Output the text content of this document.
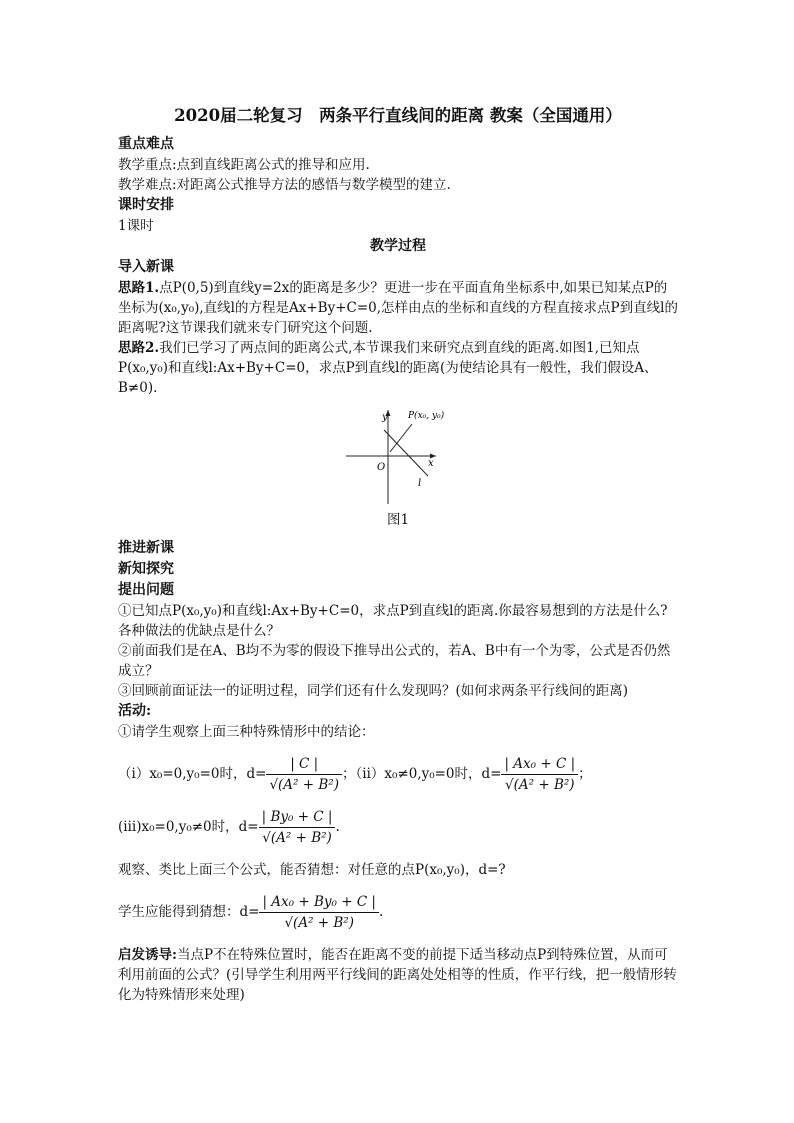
2020届二轮复习　两条平行直线间的距离 教案（全国通用）
重点难点

教学重点:点到直线距离公式的推导和应用.

教学难点:对距离公式推导方法的感悟与数学模型的建立.

课时安排

1课时

教学过程
导入新课

思路1.点P(0,5)到直线y=2x的距离是多少？更进一步在平面直角坐标系中,如果已知某点P的坐标为(x₀,y₀),直线l的方程是Ax+By+C=0,怎样由点的坐标和直线的方程直接求点P到直线l的距离呢?这节课我们就来专门研究这个问题.

思路2.我们已学习了两点间的距离公式,本节课我们来研究点到直线的距离.如图1,已知点P(x₀,y₀)和直线l:Ax+By+C=0，求点P到直线l的距离(为使结论具有一般性，我们假设A、B≠0).

y
x
O
l
P(x₀, y₀)
图1
推进新课
新知探究
提出问题

①已知点P(x₀,y₀)和直线l:Ax+By+C=0，求点P到直线l的距离.你最容易想到的方法是什么?各种做法的优缺点是什么？

②前面我们是在A、B均不为零的假设下推导出公式的，若A、B中有一个为零，公式是否仍然成立？

③回顾前面证法一的证明过程，同学们还有什么发现吗？(如何求两条平行线间的距离)

活动:

①请学生观察上面三种特殊情形中的结论：

（ⅰ）x₀=0,y₀=0时，$d= \frac{| C |}{\text{√(A² + B²)}}$ ；（ⅱ）x₀≠0,y₀=0时，$d= \frac{\text{| Ax₀ + C |}}{\text{√(A² + B²)}}$ ；
(ⅲ)x₀=0,y₀≠0时，$d= \frac{\text{| By₀ + C |}}{\text{√(A² + B²)}}$ .

观察、类比上面三个公式，能否猜想：对任意的点P(x₀,y₀)，d=?

学生应能得到猜想：$d= \frac{\text{| Ax₀ + By₀ + C |}}{\text{√(A² + B²)}}$ .

启发诱导:当点P不在特殊位置时，能否在距离不变的前提下适当移动点P到特殊位置，从而可利用前面的公式？(引导学生利用两平行线间的距离处处相等的性质，作平行线，把一般情形转化为特殊情形来处理)
